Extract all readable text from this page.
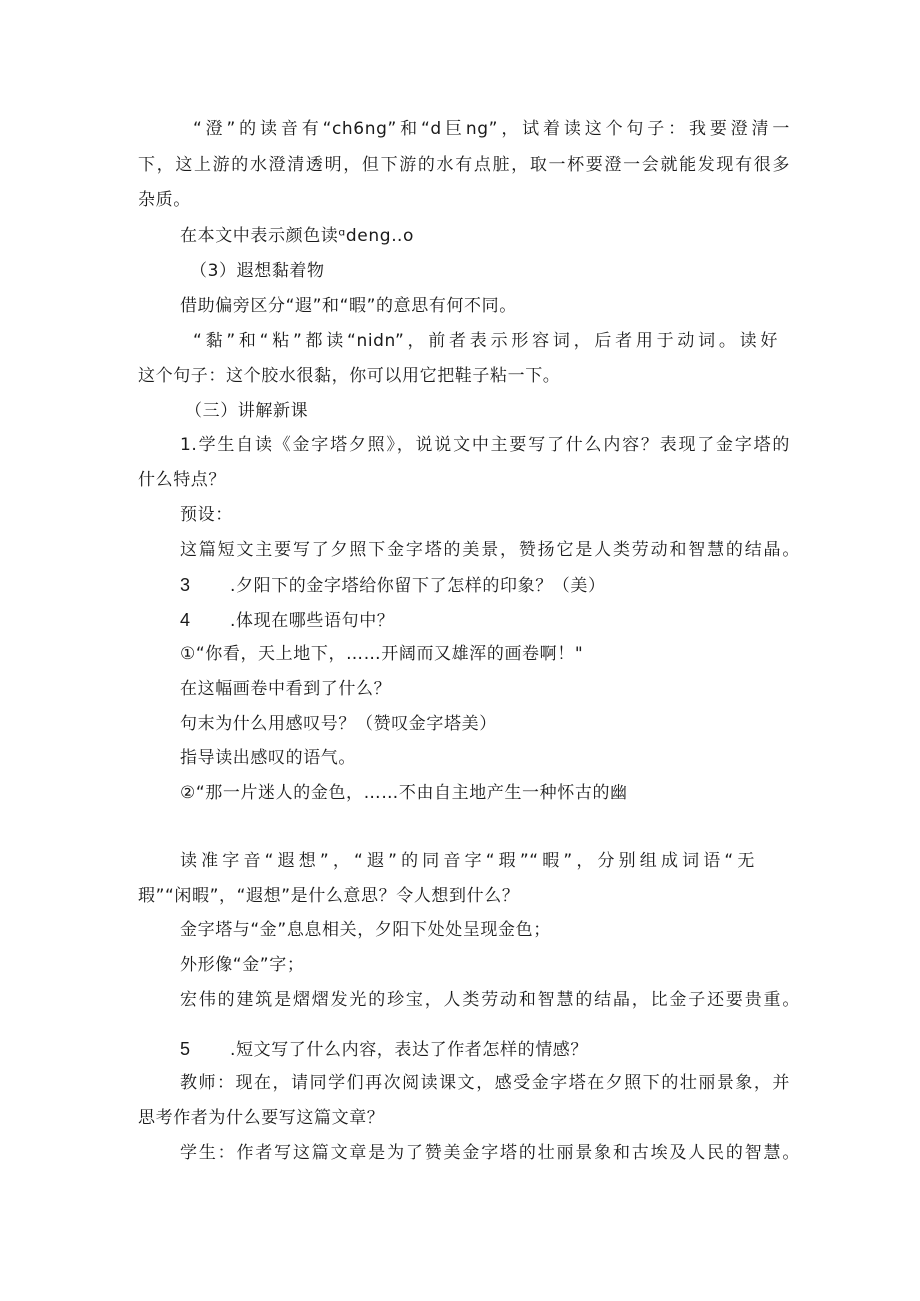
“澄”的读音有“ch6ng”和“d巨ng”，试着读这个句子：我要澄清一
下，这上游的水澄清透明，但下游的水有点脏，取一杯要澄一会就能发现有很多
杂质。
在本文中表示颜色读ᵅdeng‥o
（3）遐想黏着物
借助偏旁区分“遐”和“暇”的意思有何不同。
“黏”和“粘”都读“nidn”，前者表示形容词，后者用于动词。读好
这个句子：这个胶水很黏，你可以用它把鞋子粘一下。
（三）讲解新课
1.学生自读《金字塔夕照》，说说文中主要写了什么内容？表现了金字塔的
什么特点？
预设：
这篇短文主要写了夕照下金字塔的美景，赞扬它是人类劳动和智慧的结晶。
3 .夕阳下的金字塔给你留下了怎样的印象？（美）
4 .体现在哪些语句中？
①“你看，天上地下，……开阔而又雄浑的画卷啊！"
在这幅画卷中看到了什么？
句末为什么用感叹号？（赞叹金字塔美）
指导读出感叹的语气。
②“那一片迷人的金色，……不由自主地产生一种怀古的幽
读准字音“遐想”，“遐”的同音字“瑕”“暇”，分别组成词语“无
瑕”“闲暇”，“遐想”是什么意思？令人想到什么？
金字塔与“金”息息相关，夕阳下处处呈现金色；
外形像“金”字；
宏伟的建筑是熠熠发光的珍宝，人类劳动和智慧的结晶，比金子还要贵重。
5 .短文写了什么内容，表达了作者怎样的情感？
教师：现在，请同学们再次阅读课文，感受金字塔在夕照下的壮丽景象，并
思考作者为什么要写这篇文章？
学生：作者写这篇文章是为了赞美金字塔的壮丽景象和古埃及人民的智慧。
